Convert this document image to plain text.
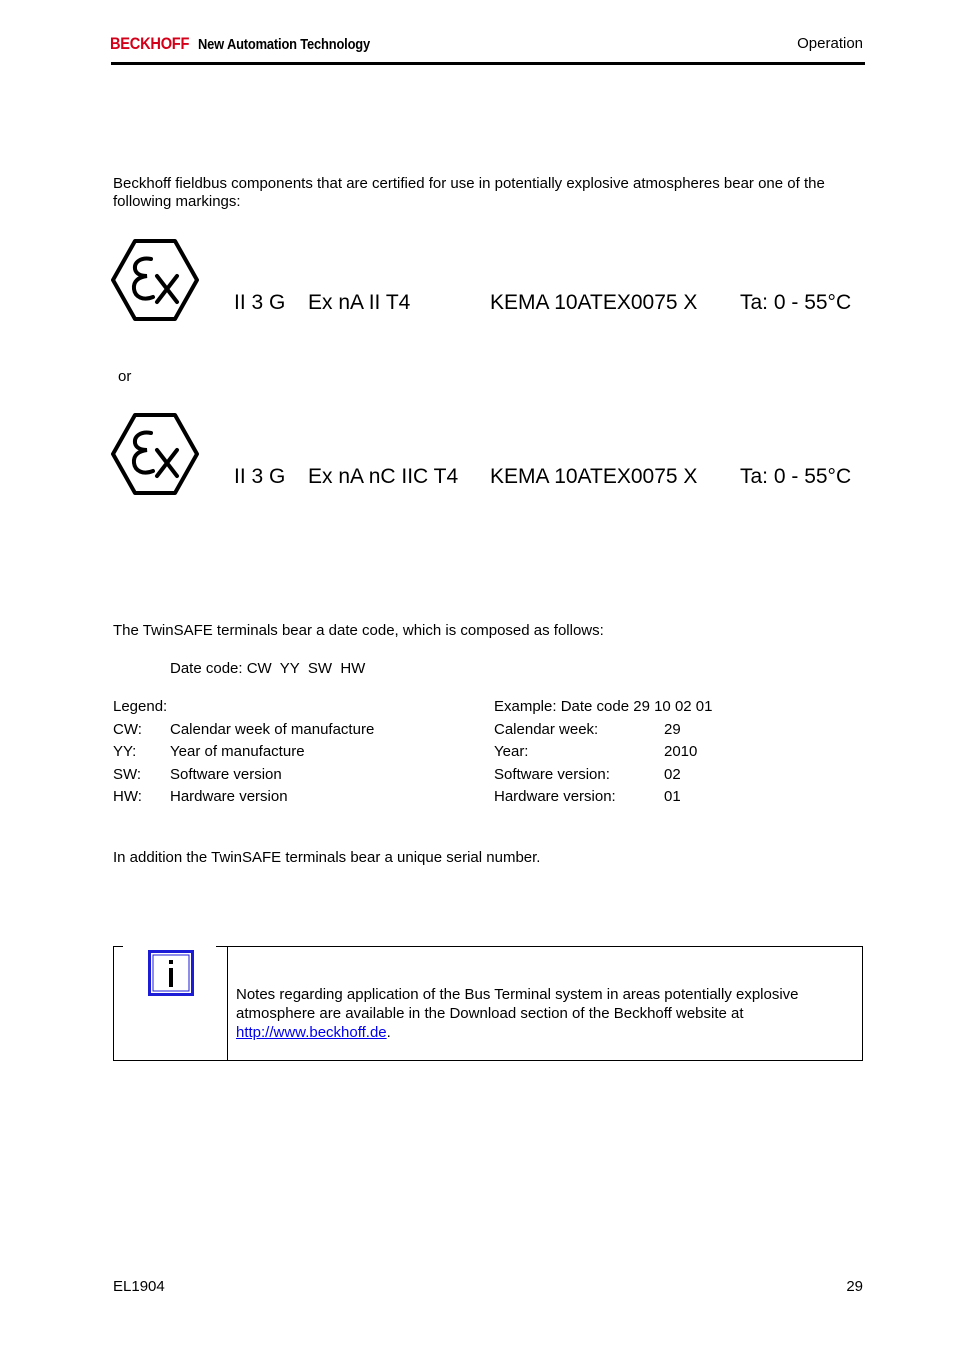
BECKHOFF New Automation Technology	Operation
Beckhoff fieldbus components that are certified for use in potentially explosive atmospheres bear one of the following markings:
II 3 G Ex nA II T4	KEMA 10ATEX0075 X Ta: 0 - 55°C
or
II 3 G Ex nA nC IIC T4 KEMA 10ATEX0075 X Ta: 0 - 55°C
The TwinSAFE terminals bear a date code, which is composed as follows:
Date code: CW  YY  SW  HW
Legend:	Example: Date code 29 10 02 01
CW: Calendar week of manufacture	Calendar week:	29
YY: Year of manufacture	Year:	2010
SW: Software version	Software version:	02
HW: Hardware version	Hardware version:	01
In addition the TwinSAFE terminals bear a unique serial number.
Notes regarding application of the Bus Terminal system in areas potentially explosive atmosphere are available in the Download section of the Beckhoff website at http://www.beckhoff.de.
EL1904	29
